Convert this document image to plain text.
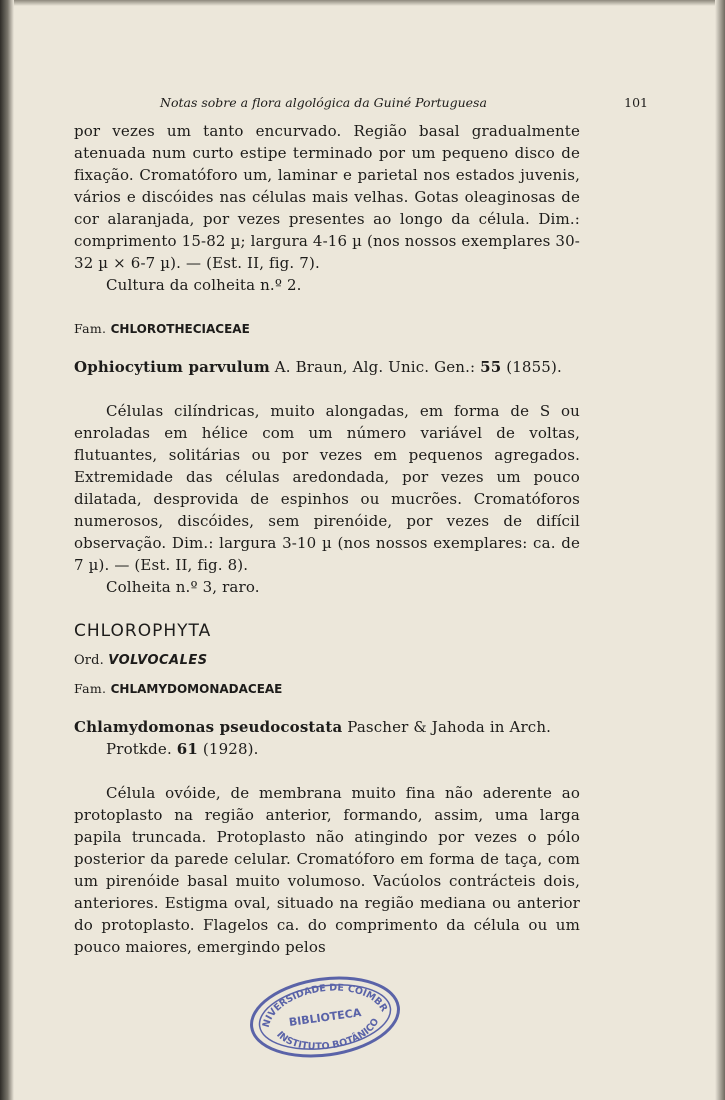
Notas sobre a flora algológica da Guiné Portuguesa	101

por vezes um tanto encurvado. Região basal gradualmente atenuada num curto estipe terminado por um pequeno disco de fixação. Cromatóforo um, laminar e parietal nos estados juvenis, vários e discóides nas células mais velhas. Gotas oleaginosas de cor alaranjada, por vezes presentes ao longo da célula. Dim.: comprimento 15-82 µ; largura 4-16 µ (nos nossos exemplares 30-32 µ × 6-7 µ). — (Est. II, fig. 7).

Cultura da colheita n.º 2.

Fam. CHLOROTHECIACEAE

Ophiocytium parvulum A. Braun, Alg. Unic. Gen.: 55 (1855).

Células cilíndricas, muito alongadas, em forma de S ou enroladas em hélice com um número variável de voltas, flutuantes, solitárias ou por vezes em pequenos agregados. Extremidade das células aredondada, por vezes um pouco dilatada, desprovida de espinhos ou mucrões. Cromatóforos numerosos, discóides, sem pirenóide, por vezes de difícil observação. Dim.: largura 3-10 µ (nos nossos exemplares: ca. de 7 µ). — (Est. II, fig. 8).

Colheita n.º 3, raro.

CHLOROPHYTA

Ord. VOLVOCALES

Fam. CHLAMYDOMONADACEAE

Chlamydomonas pseudocostata Pascher & Jahoda in Arch. Protkde. 61 (1928).

Célula ovóide, de membrana muito fina não aderente ao protoplasto na região anterior, formando, assim, uma larga papila truncada. Protoplasto não atingindo por vezes o pólo posterior da parede celular. Cromatóforo em forma de taça, com um pirenóide basal muito volumoso. Vacúolos contrácteis dois, anteriores. Estigma oval, situado na região mediana ou anterior do protoplasto. Flagelos ca. do comprimento da célula ou um pouco maiores, emergindo pelos

UNIVERSIDADE DE COIMBRA
BIBLIOTECA
INSTITUTO BOTÂNICO
